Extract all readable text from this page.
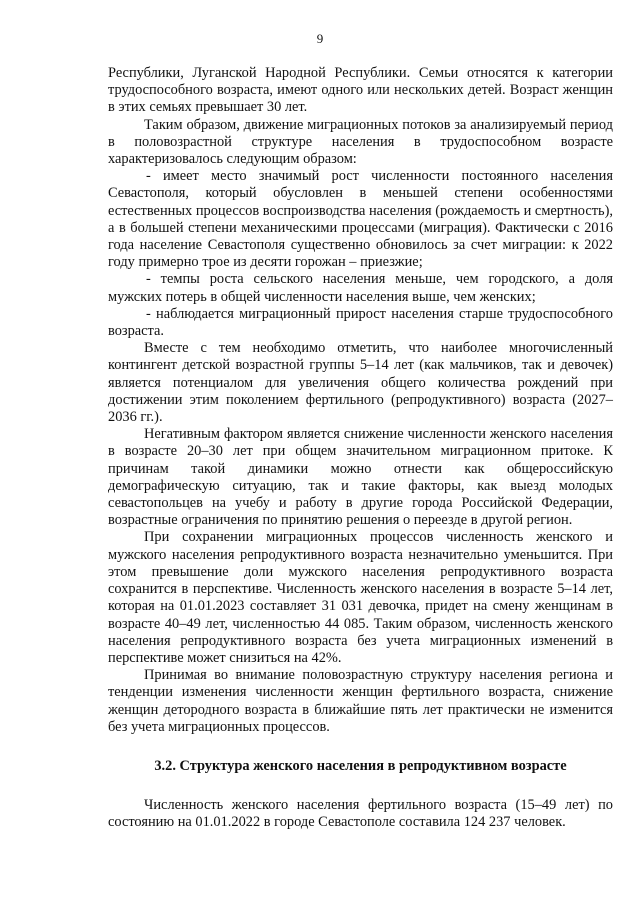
9

Республики, Луганской Народной Республики. Семьи относятся к категории трудоспособного возраста, имеют одного или нескольких детей. Возраст женщин в этих семьях превышает 30 лет.

Таким образом, движение миграционных потоков за анализируемый период в половозрастной структуре населения в трудоспособном возрасте характеризовалось следующим образом:

- имеет место значимый рост численности постоянного населения Севастополя, который обусловлен в меньшей степени особенностями естественных процессов воспроизводства населения (рождаемость и смертность), а в большей степени механическими процессами (миграция). Фактически с 2016 года население Севастополя существенно обновилось за счет миграции: к 2022 году примерно трое из десяти горожан – приезжие;

- темпы роста сельского населения меньше, чем городского, а доля мужских потерь в общей численности населения выше, чем женских;

- наблюдается миграционный прирост населения старше трудоспособного возраста.

Вместе с тем необходимо отметить, что наиболее многочисленный контингент детской возрастной группы 5–14 лет (как мальчиков, так и девочек) является потенциалом для увеличения общего количества рождений при достижении этим поколением фертильного (репродуктивного) возраста (2027–2036 гг.).

Негативным фактором является снижение численности женского населения в возрасте 20–30 лет при общем значительном миграционном притоке. К причинам такой динамики можно отнести как общероссийскую демографическую ситуацию, так и такие факторы, как выезд молодых севастопольцев на учебу и работу в другие города Российской Федерации, возрастные ограничения по принятию решения о переезде в другой регион.

При сохранении миграционных процессов численность женского и мужского населения репродуктивного возраста незначительно уменьшится. При этом превышение доли мужского населения репродуктивного возраста сохранится в перспективе. Численность женского населения в возрасте 5–14 лет, которая на 01.01.2023 составляет 31 031 девочка, придет на смену женщинам в возрасте 40–49 лет, численностью 44 085. Таким образом, численность женского населения репродуктивного возраста без учета миграционных изменений в перспективе может снизиться на 42%.

Принимая во внимание половозрастную структуру населения региона и тенденции изменения численности женщин фертильного возраста, снижение женщин детородного возраста в ближайшие пять лет практически не изменится без учета миграционных процессов.

3.2. Структура женского населения в репродуктивном возрасте

Численность женского населения фертильного возраста (15–49 лет) по состоянию на 01.01.2022 в городе Севастополе составила 124 237 человек.
